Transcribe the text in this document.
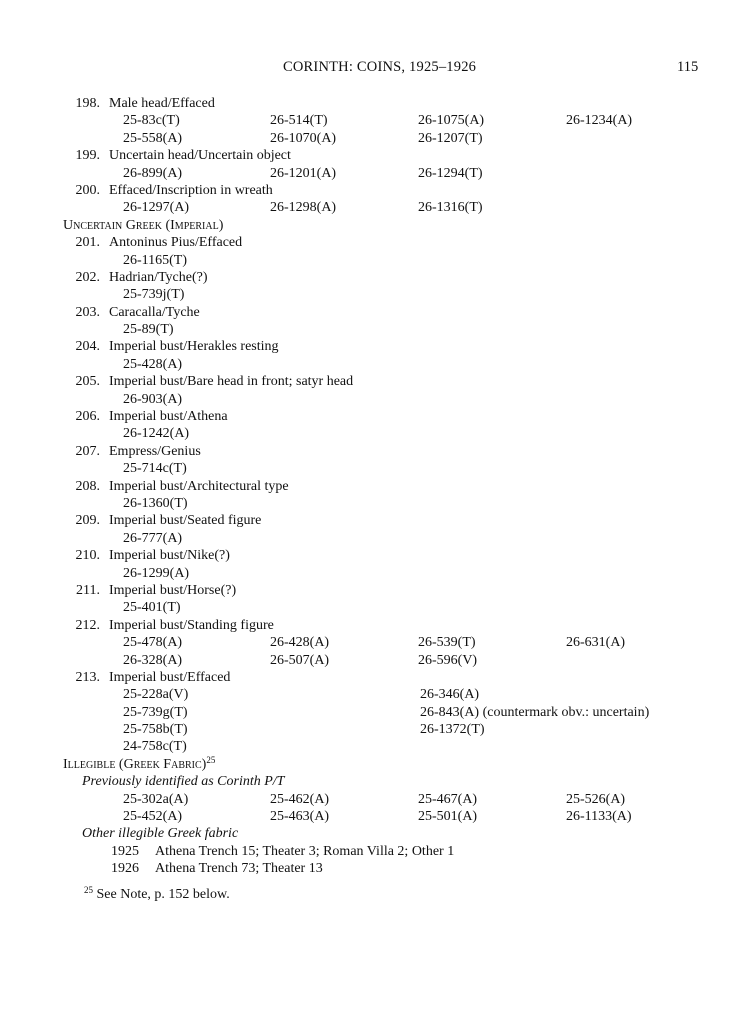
CORINTH: COINS, 1925–1926	115
198. Male head/Effaced
25-83c(T)	26-514(T)	26-1075(A)	26-1234(A)
25-558(A)	26-1070(A)	26-1207(T)
199. Uncertain head/Uncertain object
26-899(A)	26-1201(A)	26-1294(T)
200. Effaced/Inscription in wreath
26-1297(A)	26-1298(A)	26-1316(T)
Uncertain Greek (Imperial)
201. Antoninus Pius/Effaced
26-1165(T)
202. Hadrian/Tyche(?)
25-739j(T)
203. Caracalla/Tyche
25-89(T)
204. Imperial bust/Herakles resting
25-428(A)
205. Imperial bust/Bare head in front; satyr head
26-903(A)
206. Imperial bust/Athena
26-1242(A)
207. Empress/Genius
25-714c(T)
208. Imperial bust/Architectural type
26-1360(T)
209. Imperial bust/Seated figure
26-777(A)
210. Imperial bust/Nike(?)
26-1299(A)
211. Imperial bust/Horse(?)
25-401(T)
212. Imperial bust/Standing figure
25-478(A)	26-428(A)	26-539(T)	26-631(A)
26-328(A)	26-507(A)	26-596(V)
213. Imperial bust/Effaced
25-228a(V)	26-346(A)
25-739g(T)	26-843(A) (countermark obv.: uncertain)
25-758b(T)	26-1372(T)
24-758c(T)
Illegible (Greek Fabric)$^{25}$
Previously identified as Corinth P/T
25-302a(A)	25-462(A)	25-467(A)	25-526(A)
25-452(A)	25-463(A)	25-501(A)	26-1133(A)
Other illegible Greek fabric
1925 Athena Trench 15; Theater 3; Roman Villa 2; Other 1
1926 Athena Trench 73; Theater 13
$^{25}$ See Note, p. 152 below.
